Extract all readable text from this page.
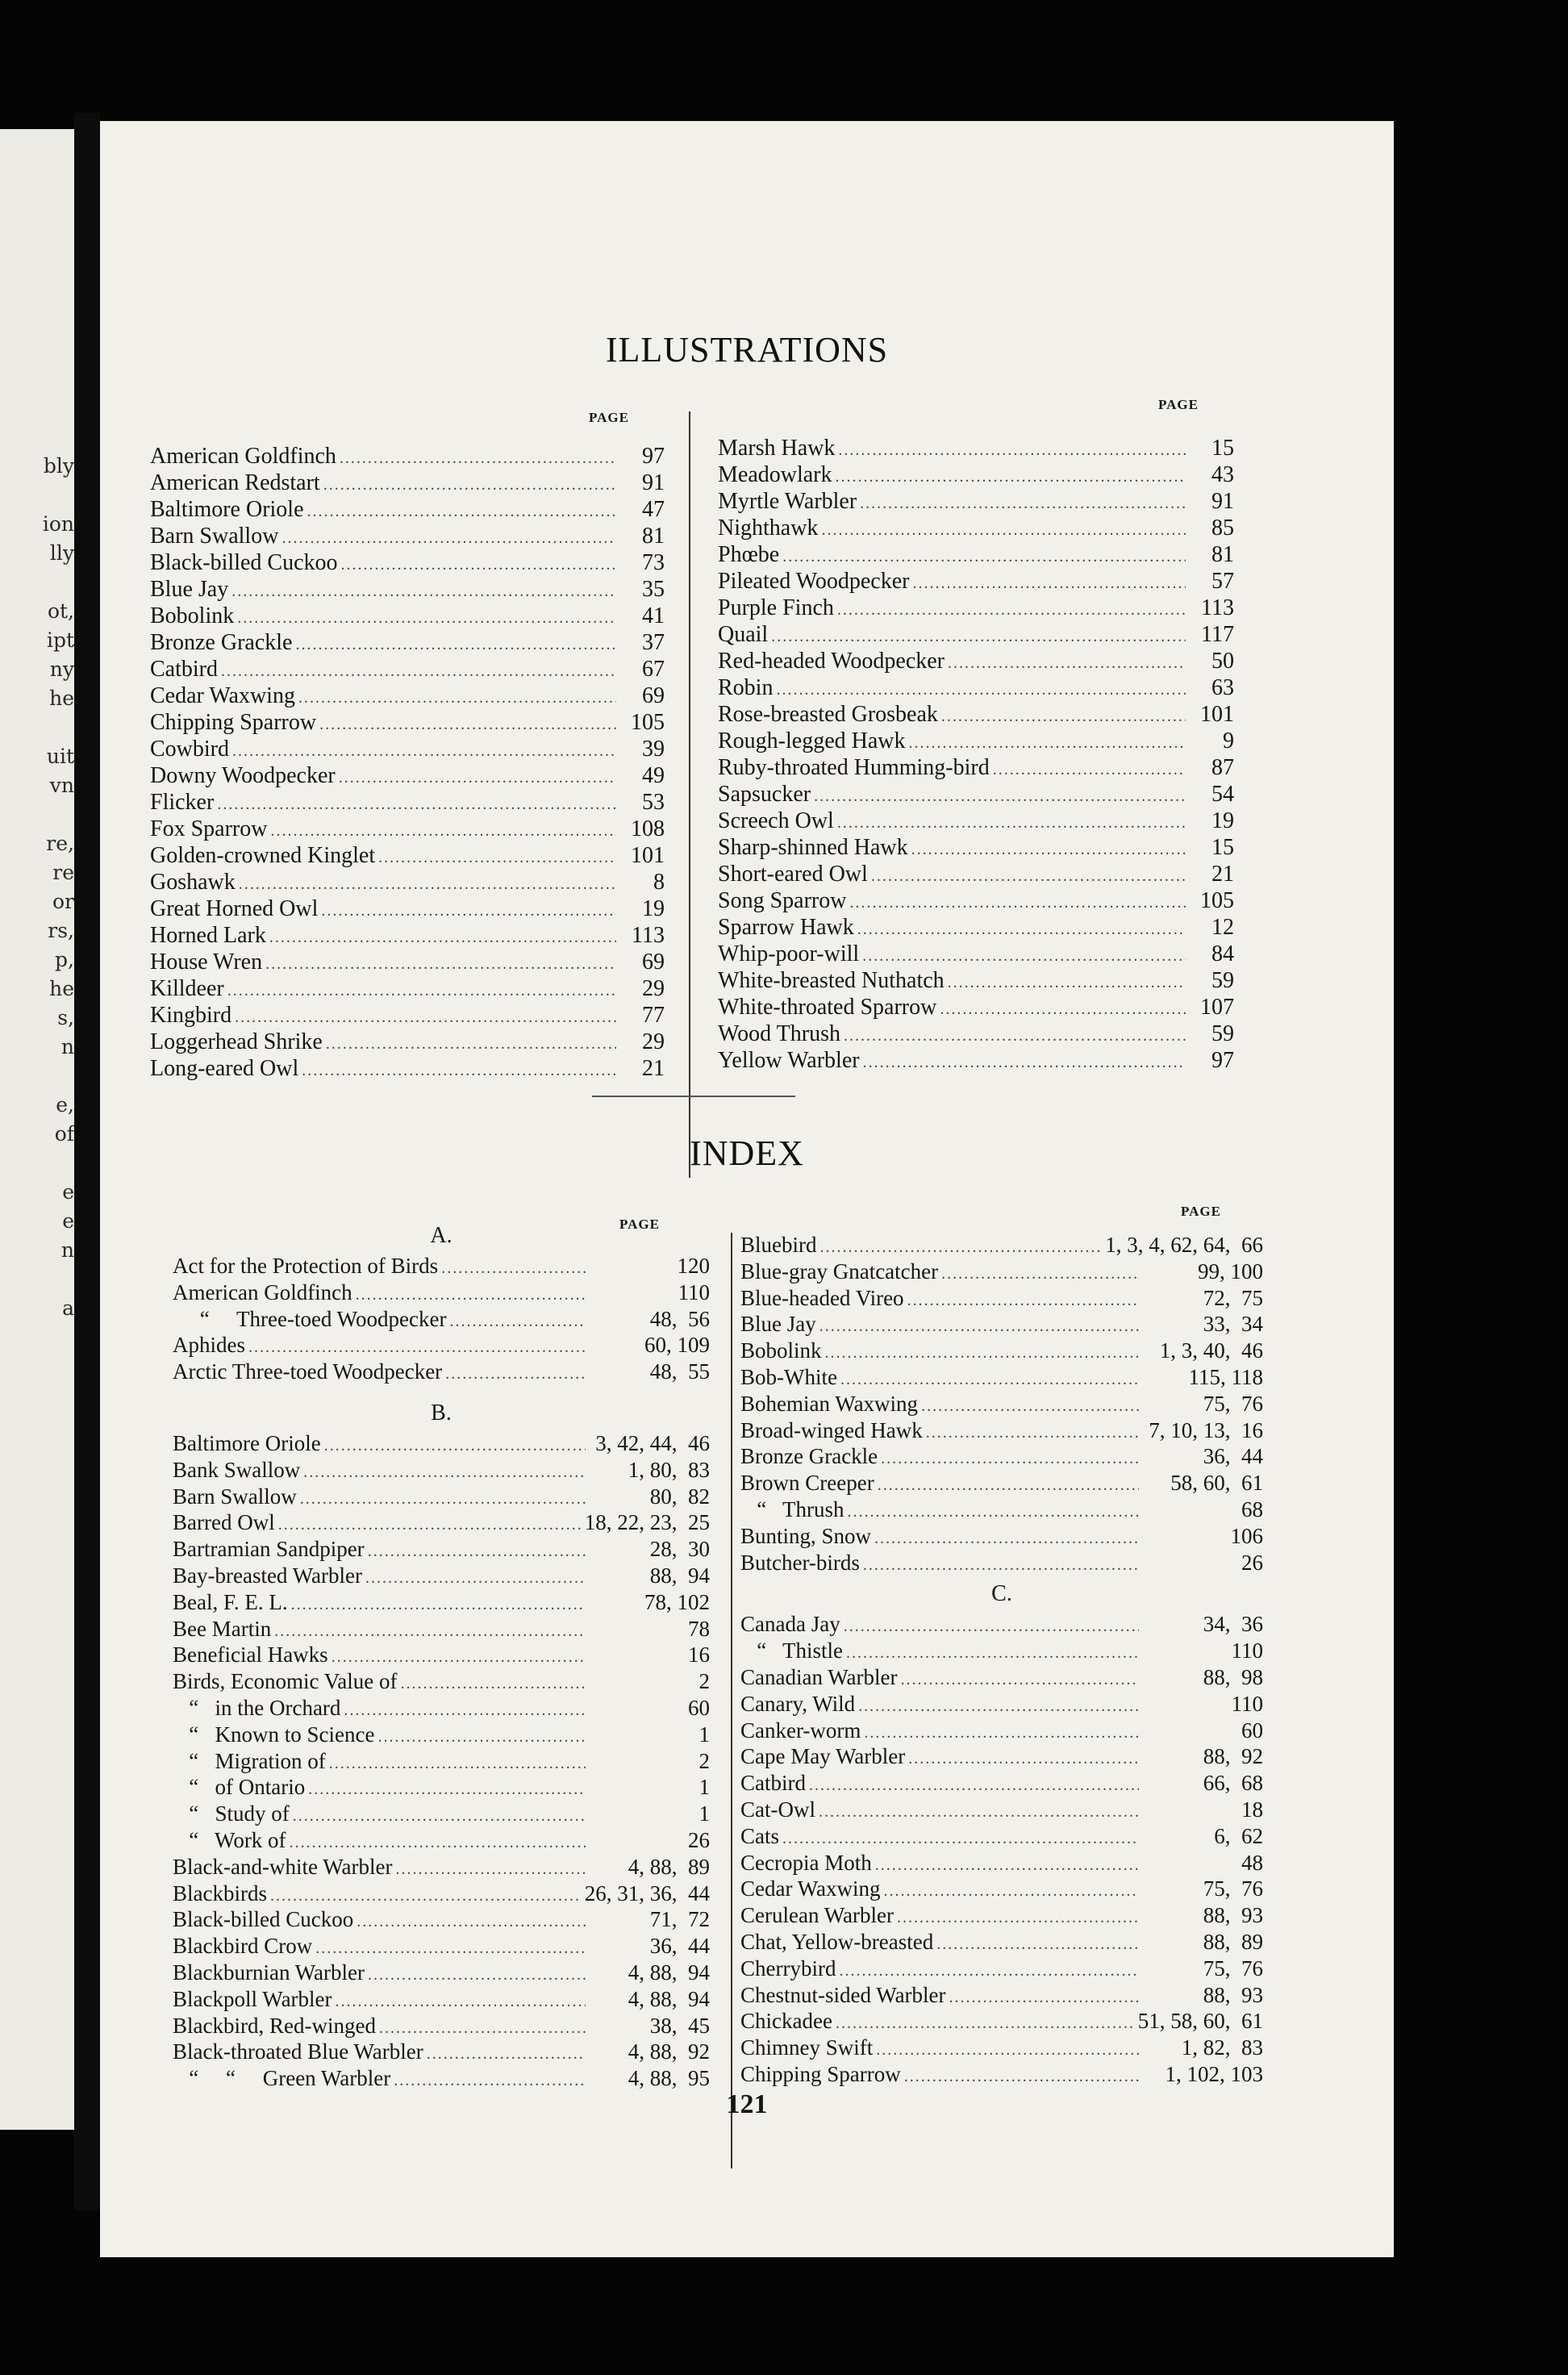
bly
ion
lly
ot,
ipt
ny
he
uit
vn
re,
re
or
rs,
p,
he
s,
n
e,
of
e
e
n
a
ILLUSTRATIONS
PAGE
PAGE
American Goldfinch .....	97
American Redstart .....	91
Baltimore Oriole .....	47
Barn Swallow .....	81
Black-billed Cuckoo .....	73
Blue Jay .....	35
Bobolink .....	41
Bronze Grackle .....	37
Catbird .....	67
Cedar Waxwing .....	69
Chipping Sparrow .....	105
Cowbird .....	39
Downy Woodpecker .....	49
Flicker .....	53
Fox Sparrow .....	108
Golden-crowned Kinglet .....	101
Goshawk .....	8
Great Horned Owl .....	19
Horned Lark .....	113
House Wren .....	69
Killdeer .....	29
Kingbird .....	77
Loggerhead Shrike .....	29
Long-eared Owl .....	21
Marsh Hawk .....	15
Meadowlark .....	43
Myrtle Warbler .....	91
Nighthawk .....	85
Phœbe .....	81
Pileated Woodpecker .....	57
Purple Finch .....	113
Quail .....	117
Red-headed Woodpecker .....	50
Robin .....	63
Rose-breasted Grosbeak .....	101
Rough-legged Hawk .....	9
Ruby-throated Humming-bird .....	87
Sapsucker .....	54
Screech Owl .....	19
Sharp-shinned Hawk .....	15
Short-eared Owl .....	21
Song Sparrow .....	105
Sparrow Hawk .....	12
Whip-poor-will .....	84
White-breasted Nuthatch .....	59
White-throated Sparrow .....	107
Wood Thrush .....	59
Yellow Warbler .....	97
INDEX
PAGE
PAGE
A.
Act for the Protection of Birds .....	120
American Goldfinch .....	110
“     Three-toed Woodpecker .....	48,  56
Aphides .....	60, 109
Arctic Three-toed Woodpecker .....	48,  55
B.
Baltimore Oriole .....	3, 42, 44,  46
Bank Swallow .....	1, 80,  83
Barn Swallow .....	80,  82
Barred Owl .....	18, 22, 23,  25
Bartramian Sandpiper .....	28,  30
Bay-breasted Warbler .....	88,  94
Beal, F. E. L. .....	78, 102
Bee Martin .....	78
Beneficial Hawks .....	16
Birds, Economic Value of .....	2
“   in the Orchard .....	60
“   Known to Science .....	1
“   Migration of .....	2
“   of Ontario .....	1
“   Study of .....	1
“   Work of .....	26
Black-and-white Warbler .....	4, 88,  89
Blackbirds .....	26, 31, 36,  44
Black-billed Cuckoo .....	71,  72
Blackbird Crow .....	36,  44
Blackburnian Warbler .....	4, 88,  94
Blackpoll Warbler .....	4, 88,  94
Blackbird, Red-winged .....	38,  45
Black-throated Blue Warbler .....	4, 88,  92
“     “     Green Warbler .....	4, 88,  95
Bluebird .....	1, 3, 4, 62, 64,  66
Blue-gray Gnatcatcher .....	99, 100
Blue-headed Vireo .....	72,  75
Blue Jay .....	33,  34
Bobolink .....	1, 3, 40,  46
Bob-White .....	115, 118
Bohemian Waxwing .....	75,  76
Broad-winged Hawk .....	7, 10, 13,  16
Bronze Grackle .....	36,  44
Brown Creeper .....	58, 60,  61
“   Thrush .....	68
Bunting, Snow .....	106
Butcher-birds .....	26
C.
Canada Jay .....	34,  36
“   Thistle .....	110
Canadian Warbler .....	88,  98
Canary, Wild .....	110
Canker-worm .....	60
Cape May Warbler .....	88,  92
Catbird .....	66,  68
Cat-Owl .....	18
Cats .....	6,  62
Cecropia Moth .....	48
Cedar Waxwing .....	75,  76
Cerulean Warbler .....	88,  93
Chat, Yellow-breasted .....	88,  89
Cherrybird .....	75,  76
Chestnut-sided Warbler .....	88,  93
Chickadee .....	51, 58, 60,  61
Chimney Swift .....	1, 82,  83
Chipping Sparrow .....	1, 102, 103
121
